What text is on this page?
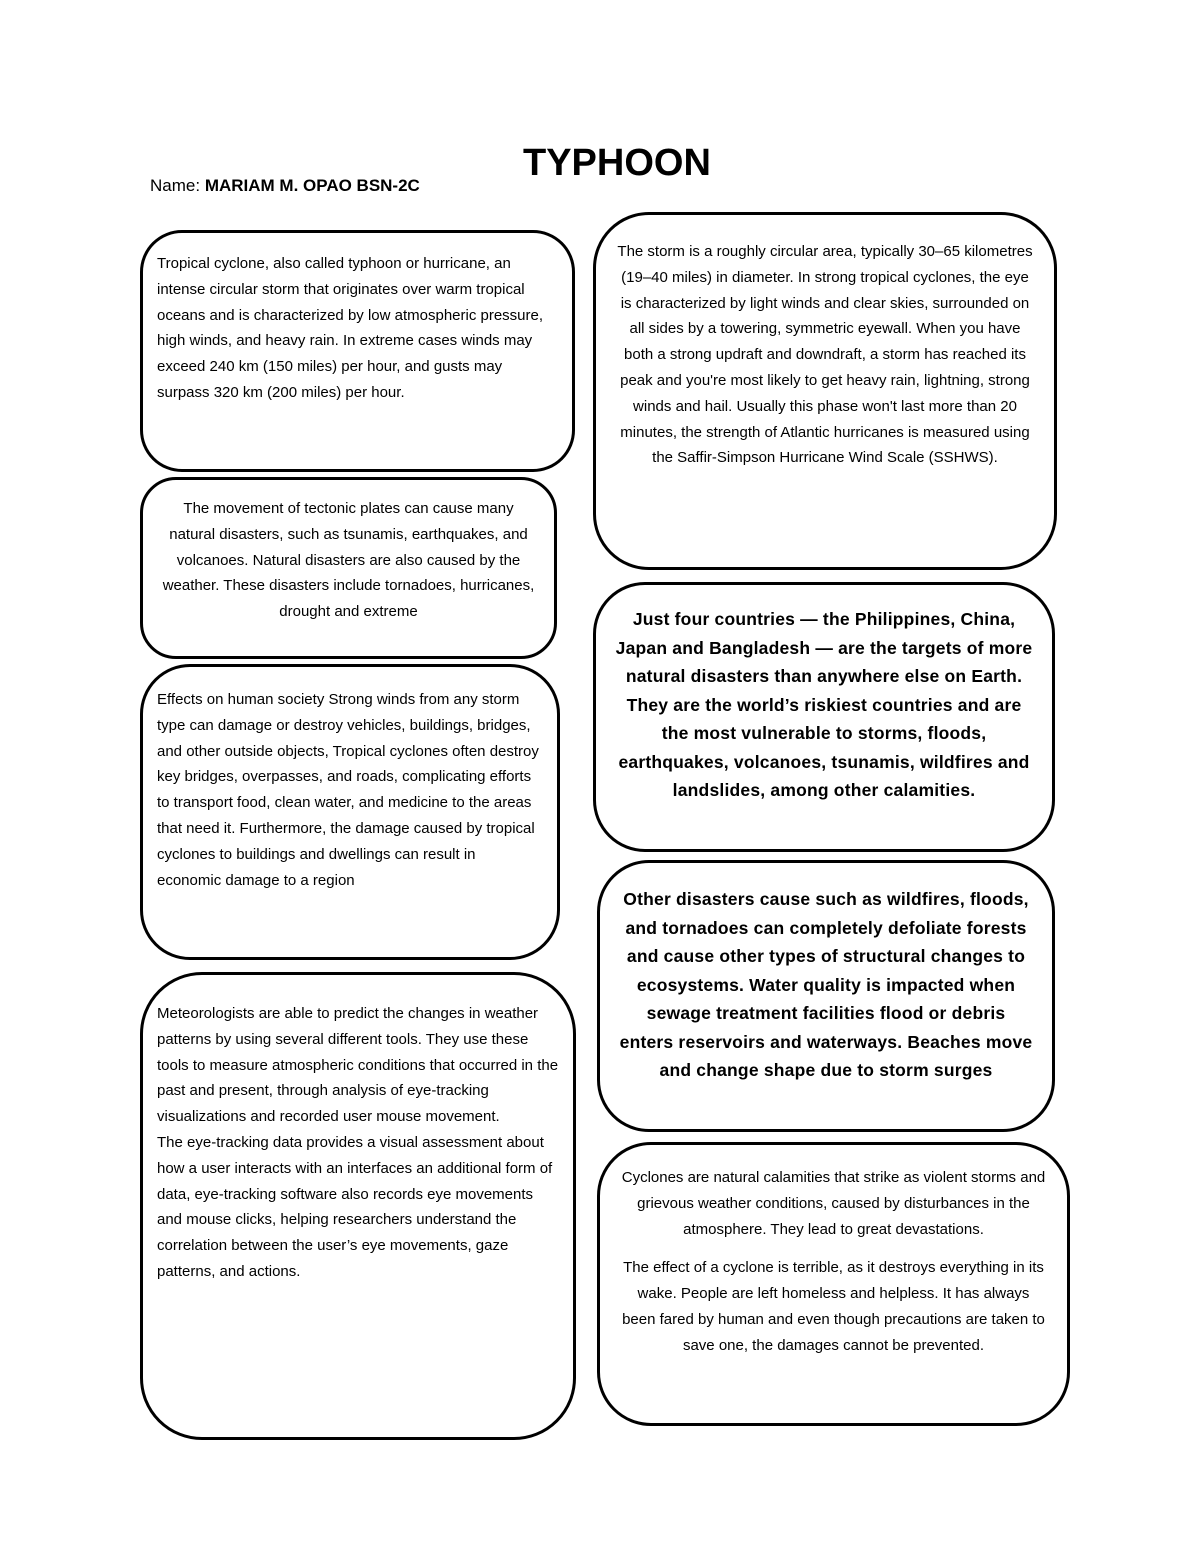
TYPHOON
Name: MARIAM M. OPAO BSN-2C

Tropical cyclone, also called typhoon or hurricane, an intense circular storm that originates over warm tropical oceans and is characterized by low atmospheric pressure, high winds, and heavy rain. In extreme cases winds may exceed 240 km (150 miles) per hour, and gusts may surpass 320 km (200 miles) per hour.

The movement of tectonic plates can cause many natural disasters, such as tsunamis, earthquakes, and volcanoes. Natural disasters are also caused by the weather. These disasters include tornadoes, hurricanes, drought and extreme

Effects on human society Strong winds from any storm type can damage or destroy vehicles, buildings, bridges, and other outside objects, Tropical cyclones often destroy key bridges, overpasses, and roads, complicating efforts to transport food, clean water, and medicine to the areas that need it. Furthermore, the damage caused by tropical cyclones to buildings and dwellings can result in economic damage to a region

Meteorologists are able to predict the changes in weather patterns by using several different tools. They use these tools to measure atmospheric conditions that occurred in the past and present, through analysis of eye-tracking visualizations and recorded user mouse movement.

The eye-tracking data provides a visual assessment about how a user interacts with an interfaces an additional form of data, eye-tracking software also records eye movements and mouse clicks, helping researchers understand the correlation between the user’s eye movements, gaze patterns, and actions.

The storm is a roughly circular area, typically 30–65 kilometres (19–40 miles) in diameter. In strong tropical cyclones, the eye is characterized by light winds and clear skies, surrounded on all sides by a towering, symmetric eyewall. When you have both a strong updraft and downdraft, a storm has reached its peak and you're most likely to get heavy rain, lightning, strong winds and hail. Usually this phase won't last more than 20 minutes, the strength of Atlantic hurricanes is measured using the Saffir-Simpson Hurricane Wind Scale (SSHWS).

Just four countries — the Philippines, China, Japan and Bangladesh — are the targets of more natural disasters than anywhere else on Earth. They are the world’s riskiest countries and are the most vulnerable to storms, floods, earthquakes, volcanoes, tsunamis, wildfires and landslides, among other calamities.

Other disasters cause such as wildfires, floods, and tornadoes can completely defoliate forests and cause other types of structural changes to ecosystems. Water quality is impacted when sewage treatment facilities flood or debris enters reservoirs and waterways. Beaches move and change shape due to storm surges

Cyclones are natural calamities that strike as violent storms and grievous weather conditions, caused by disturbances in the atmosphere. They lead to great devastations.

The effect of a cyclone is terrible, as it destroys everything in its wake. People are left homeless and helpless. It has always been fared by human and even though precautions are taken to save one, the damages cannot be prevented.
